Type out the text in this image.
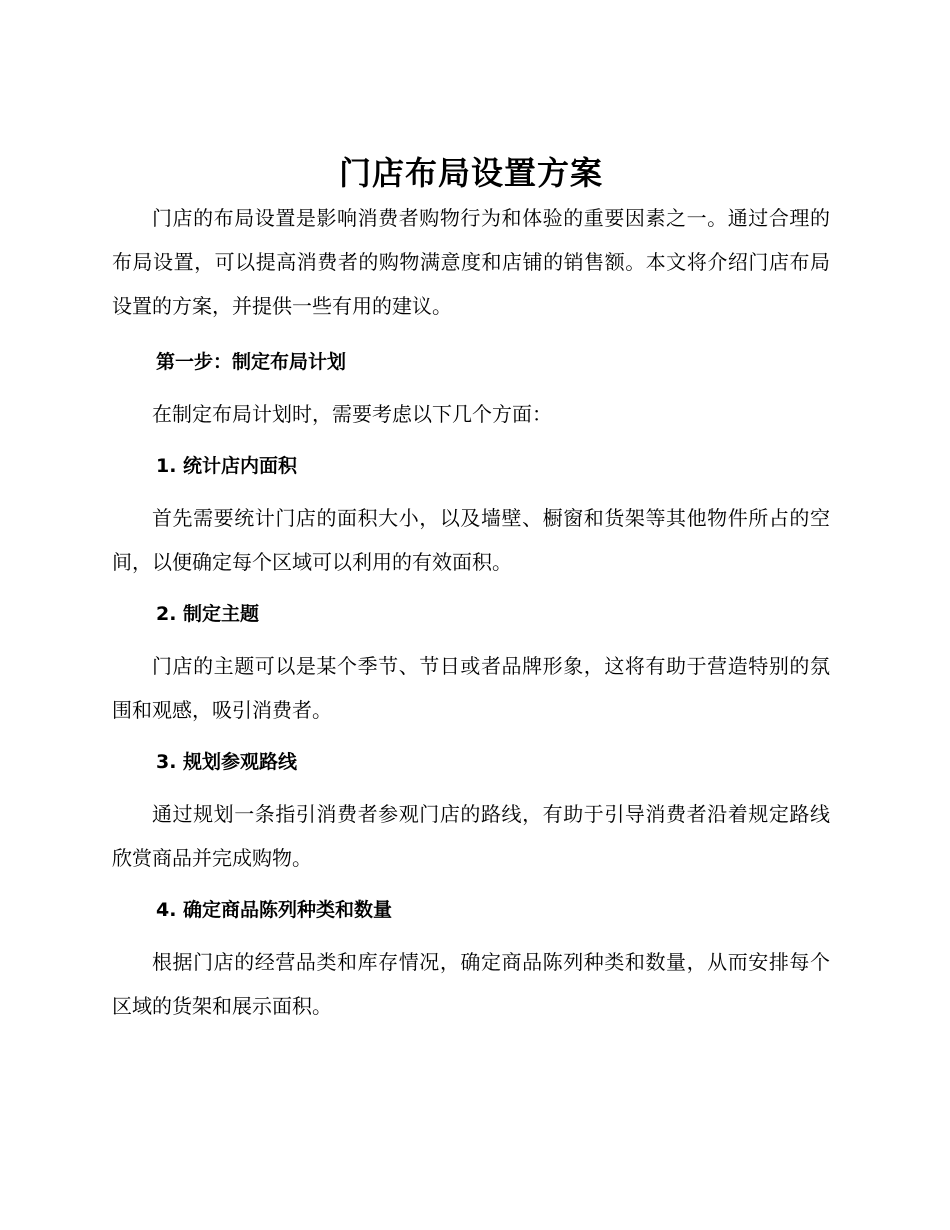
门店布局设置方案

门店的布局设置是影响消费者购物行为和体验的重要因素之一。通过合理的布局设置，可以提高消费者的购物满意度和店铺的销售额。本文将介绍门店布局设置的方案，并提供一些有用的建议。

第一步：制定布局计划

在制定布局计划时，需要考虑以下几个方面：

1. 统计店内面积

首先需要统计门店的面积大小，以及墙壁、橱窗和货架等其他物件所占的空间，以便确定每个区域可以利用的有效面积。

2. 制定主题

门店的主题可以是某个季节、节日或者品牌形象，这将有助于营造特别的氛围和观感，吸引消费者。

3. 规划参观路线

通过规划一条指引消费者参观门店的路线，有助于引导消费者沿着规定路线欣赏商品并完成购物。

4. 确定商品陈列种类和数量

根据门店的经营品类和库存情况，确定商品陈列种类和数量，从而安排每个区域的货架和展示面积。
